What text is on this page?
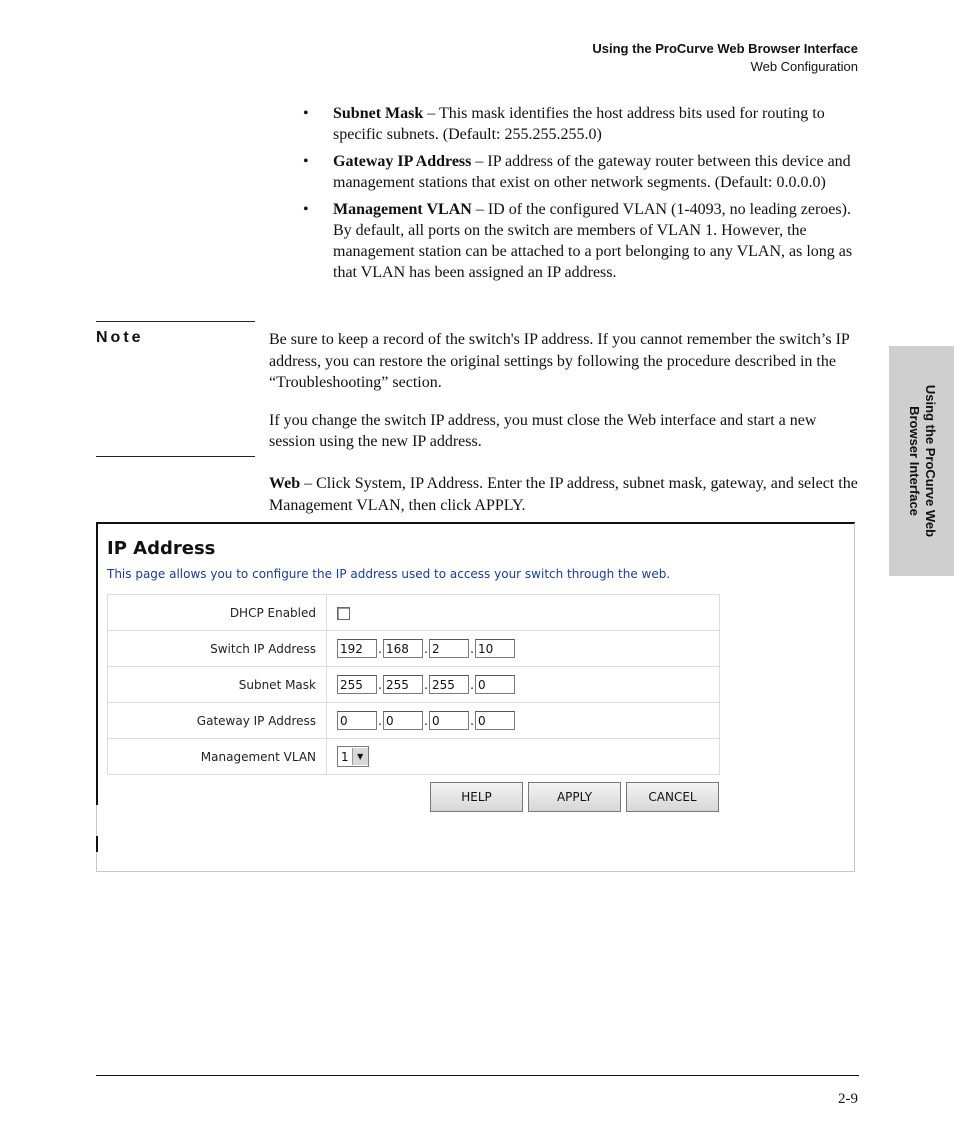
Using the ProCurve Web Browser Interface
Web Configuration
• Subnet Mask – This mask identifies the host address bits used for routing to specific subnets. (Default: 255.255.255.0)
• Gateway IP Address – IP address of the gateway router between this device and management stations that exist on other network segments. (Default: 0.0.0.0)
• Management VLAN – ID of the configured VLAN (1-4093, no leading zeroes). By default, all ports on the switch are members of VLAN 1. However, the management station can be attached to a port belonging to any VLAN, as long as that VLAN has been assigned an IP address.
Note	Be sure to keep a record of the switch's IP address. If you cannot remember the switch’s IP address, you can restore the original settings by following the procedure described in the “Troubleshooting” section.

If you change the switch IP address, you must close the Web interface and start a new session using the new IP address.

Web – Click System, IP Address. Enter the IP address, subnet mask, gateway, and select the Management VLAN, then click APPLY.	Using the ProCurve Web
Browser Interface
IP Address
This page allows you to configure the IP address used to access your switch through the web.
DHCP Enabled	
Switch IP Address	192 . 168 . 2 . 10
Subnet Mask	255 . 255 . 255 . 0
Gateway IP Address	0 . 0 . 0 . 0
Management VLAN	1 ▼
HELP	APPLY	CANCEL
2-9
